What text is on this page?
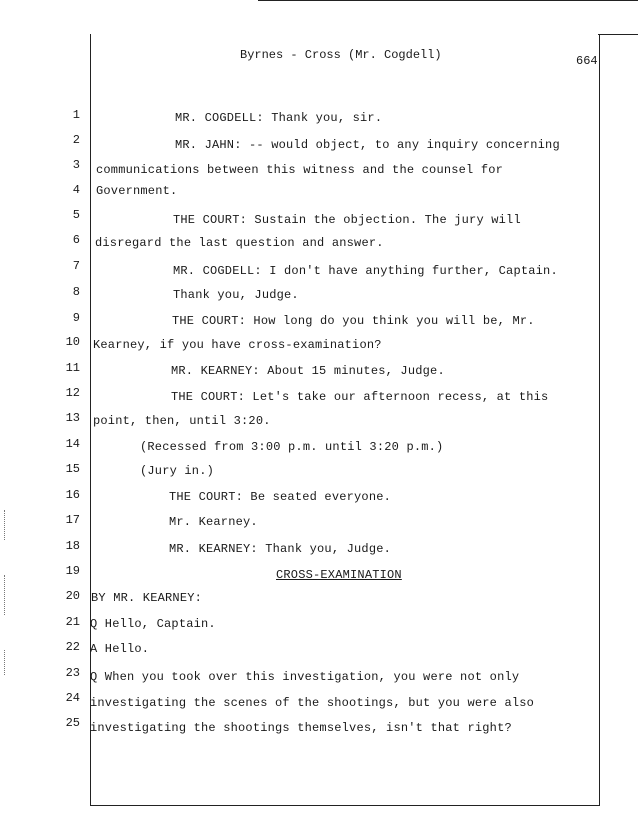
Byrnes - Cross (Mr. Cogdell)	664
1
2
3
4
5
6
7
8
9
10
11
12
13
14
15
16
17
18
19
20
21
22
23
24
25
MR. COGDELL: Thank you, sir.
MR. JAHN: -- would object, to any inquiry concerning
communications between this witness and the counsel for
Government.
THE COURT: Sustain the objection. The jury will
disregard the last question and answer.
MR. COGDELL: I don't have anything further, Captain.
Thank you, Judge.
THE COURT: How long do you think you will be, Mr.
Kearney, if you have cross-examination?
MR. KEARNEY: About 15 minutes, Judge.
THE COURT: Let's take our afternoon recess, at this
point, then, until 3:20.
(Recessed from 3:00 p.m. until 3:20 p.m.)
(Jury in.)
THE COURT: Be seated everyone.
Mr. Kearney.
MR. KEARNEY: Thank you, Judge.
CROSS-EXAMINATION
BY MR. KEARNEY:
Q Hello, Captain.
A Hello.
Q When you took over this investigation, you were not only
investigating the scenes of the shootings, but you were also
investigating the shootings themselves, isn't that right?
